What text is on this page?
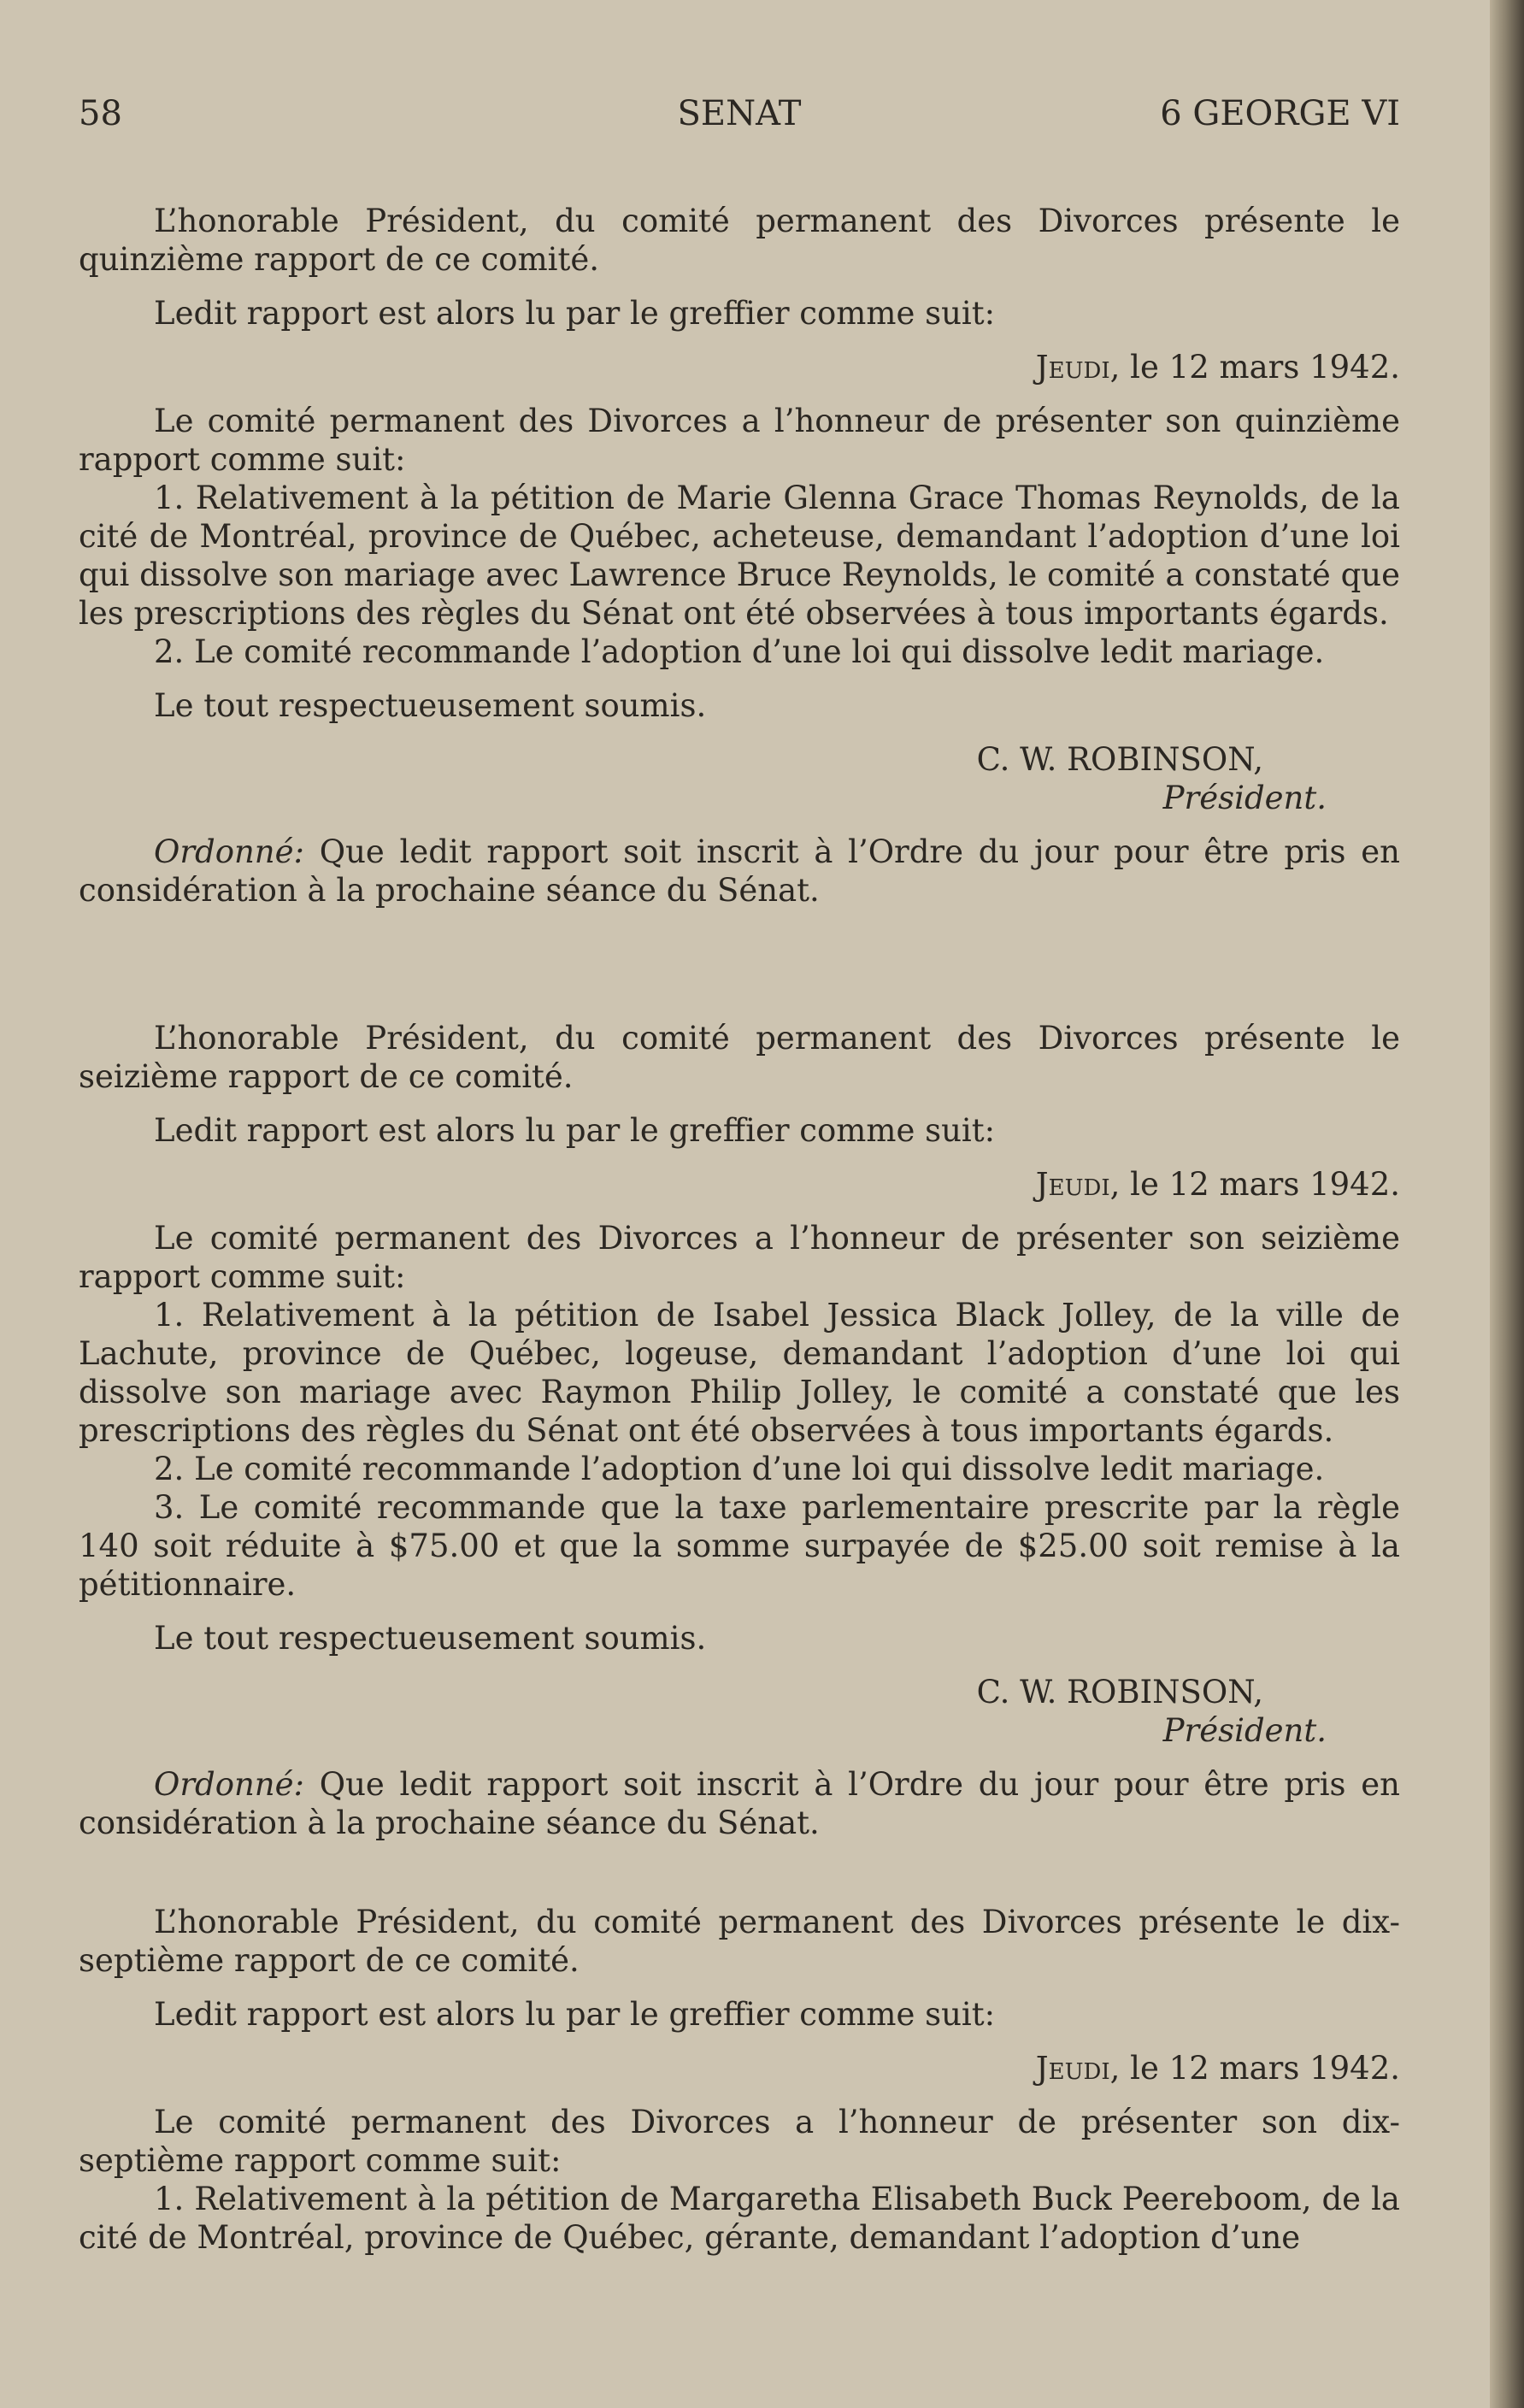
58	SENAT	6 GEORGE VI

L’honorable Président, du comité permanent des Divorces présente le quinzième rapport de ce comité.

Ledit rapport est alors lu par le greffier comme suit:

Jeudi, le 12 mars 1942.

Le comité permanent des Divorces a l’honneur de présenter son quinzième rapport comme suit:

1. Relativement à la pétition de Marie Glenna Grace Thomas Reynolds, de la cité de Montréal, province de Québec, acheteuse, demandant l’adoption d’une loi qui dissolve son mariage avec Lawrence Bruce Reynolds, le comité a constaté que les prescriptions des règles du Sénat ont été observées à tous importants égards.

2. Le comité recommande l’adoption d’une loi qui dissolve ledit mariage.

Le tout respectueusement soumis.

C. W. ROBINSON,

Président.

Ordonné: Que ledit rapport soit inscrit à l’Ordre du jour pour être pris en considération à la prochaine séance du Sénat.

L’honorable Président, du comité permanent des Divorces présente le seizième rapport de ce comité.

Ledit rapport est alors lu par le greffier comme suit:

Jeudi, le 12 mars 1942.

Le comité permanent des Divorces a l’honneur de présenter son seizième rapport comme suit:

1. Relativement à la pétition de Isabel Jessica Black Jolley, de la ville de Lachute, province de Québec, logeuse, demandant l’adoption d’une loi qui dissolve son mariage avec Raymon Philip Jolley, le comité a constaté que les prescriptions des règles du Sénat ont été observées à tous importants égards.

2. Le comité recommande l’adoption d’une loi qui dissolve ledit mariage.

3. Le comité recommande que la taxe parlementaire prescrite par la règle 140 soit réduite à $75.00 et que la somme surpayée de $25.00 soit remise à la pétitionnaire.

Le tout respectueusement soumis.

C. W. ROBINSON,

Président.

Ordonné: Que ledit rapport soit inscrit à l’Ordre du jour pour être pris en considération à la prochaine séance du Sénat.

L’honorable Président, du comité permanent des Divorces présente le dix-septième rapport de ce comité.

Ledit rapport est alors lu par le greffier comme suit:

Jeudi, le 12 mars 1942.

Le comité permanent des Divorces a l’honneur de présenter son dix-septième rapport comme suit:

1. Relativement à la pétition de Margaretha Elisabeth Buck Peereboom, de la cité de Montréal, province de Québec, gérante, demandant l’adoption d’une
